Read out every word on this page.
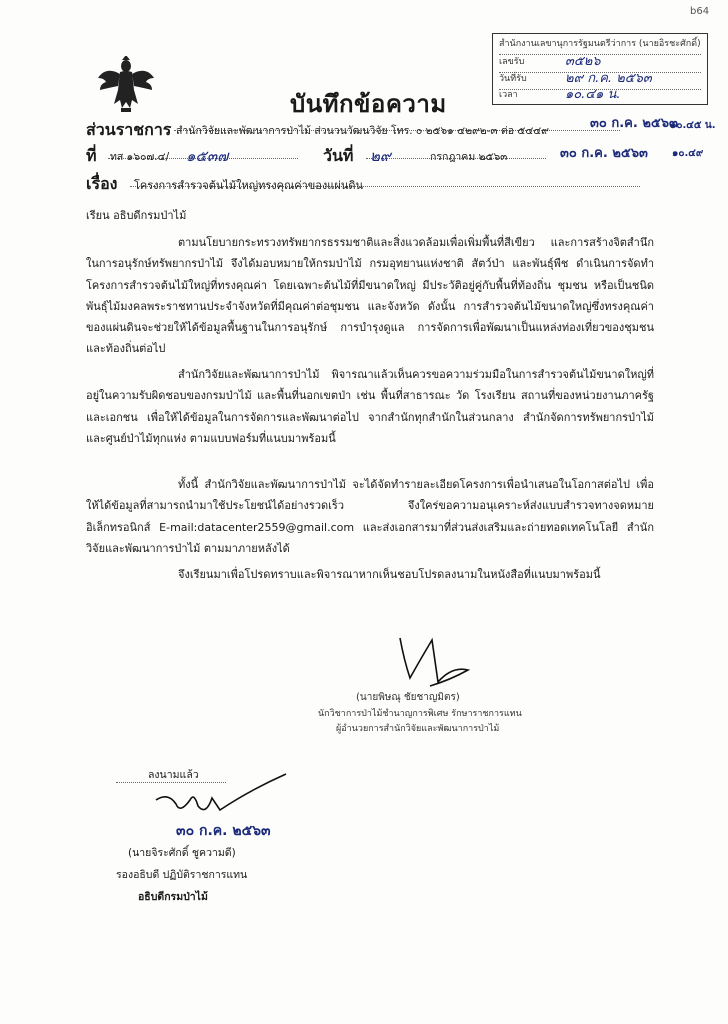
b64
สำนักงานเลขานุการรัฐมนตรีว่าการ (นายอิรชะศักดิ์)
เลขรับ	๓๕๒๖
วันที่รับ	๒๙ ก.ค. ๒๕๖๓
เวลา	๑๐.๔๑ น.
บันทึกข้อความ
ส่วนราชการ สำนักวิจัยและพัฒนาการป่าไม้ ส่วนวนวัฒนวิจัย โทร. ๐ ๒๕๖๑ ๔๒๙๒-๓ ต่อ ๕๔๔๙
ที่ ทส ๑๖๐๗.๔/ ๑๕๓๗	วันที่ ๒๙	กรกฎาคม ๒๕๖๓
๓๐ ก.ค. ๒๕๖๓
๑๐.๔๕ น.
๓๐ ก.ค. ๒๕๖๓ ๑๐.๔๙
เรื่อง โครงการสำรวจต้นไม้ใหญ่ทรงคุณค่าของแผ่นดิน
เรียน อธิบดีกรมป่าไม้
ตามนโยบายกระทรวงทรัพยากรธรรมชาติและสิ่งแวดล้อมเพื่อเพิ่มพื้นที่สีเขียว และการสร้างจิตสำนึกในการอนุรักษ์ทรัพยากรป่าไม้ จึงได้มอบหมายให้กรมป่าไม้ กรมอุทยานแห่งชาติ สัตว์ป่า และพันธุ์พืช ดำเนินการจัดทำโครงการสำรวจต้นไม้ใหญ่ที่ทรงคุณค่า โดยเฉพาะต้นไม้ที่มีขนาดใหญ่ มีประวัติอยู่คู่กับพื้นที่ท้องถิ่น ชุมชน หรือเป็นชนิดพันธุ์ไม้มงคลพระราชทานประจำจังหวัดที่มีคุณค่าต่อชุมชน และจังหวัด ดังนั้น การสำรวจต้นไม้ขนาดใหญ่ซึ่งทรงคุณค่าของแผ่นดินจะช่วยให้ได้ข้อมูลพื้นฐานในการอนุรักษ์ การบำรุงดูแล การจัดการเพื่อพัฒนาเป็นแหล่งท่องเที่ยวของชุมชนและท้องถิ่นต่อไป
สำนักวิจัยและพัฒนาการป่าไม้ พิจารณาแล้วเห็นควรขอความร่วมมือในการสำรวจต้นไม้ขนาดใหญ่ที่อยู่ในความรับผิดชอบของกรมป่าไม้ และพื้นที่นอกเขตป่า เช่น พื้นที่สาธารณะ วัด โรงเรียน สถานที่ของหน่วยงานภาครัฐและเอกชน เพื่อให้ได้ข้อมูลในการจัดการและพัฒนาต่อไป จากสำนักทุกสำนักในส่วนกลาง สำนักจัดการทรัพยากรป่าไม้ และศูนย์ป่าไม้ทุกแห่ง ตามแบบฟอร์มที่แนบมาพร้อมนี้
ทั้งนี้ สำนักวิจัยและพัฒนาการป่าไม้ จะได้จัดทำรายละเอียดโครงการเพื่อนำเสนอในโอกาสต่อไป เพื่อให้ได้ข้อมูลที่สามารถนำมาใช้ประโยชน์ได้อย่างรวดเร็ว จึงใคร่ขอความอนุเคราะห์ส่งแบบสำรวจทางจดหมายอิเล็กทรอนิกส์ E-mail:datacenter2559@gmail.com และส่งเอกสารมาที่ส่วนส่งเสริมและถ่ายทอดเทคโนโลยี สำนักวิจัยและพัฒนาการป่าไม้ ตามมาภายหลังได้
จึงเรียนมาเพื่อโปรดทราบและพิจารณาหากเห็นชอบโปรดลงนามในหนังสือที่แนบมาพร้อมนี้
(นายพิษณุ ชัยชาญมิตร)
นักวิชาการป่าไม้ชำนาญการพิเศษ รักษาราชการแทน
ผู้อำนวยการสำนักวิจัยและพัฒนาการป่าไม้
ลงนามแล้ว
๓๐ ก.ค. ๒๕๖๓
(นายจิระศักดิ์ ชูความดี)
รองอธิบดี ปฏิบัติราชการแทน
อธิบดีกรมป่าไม้
